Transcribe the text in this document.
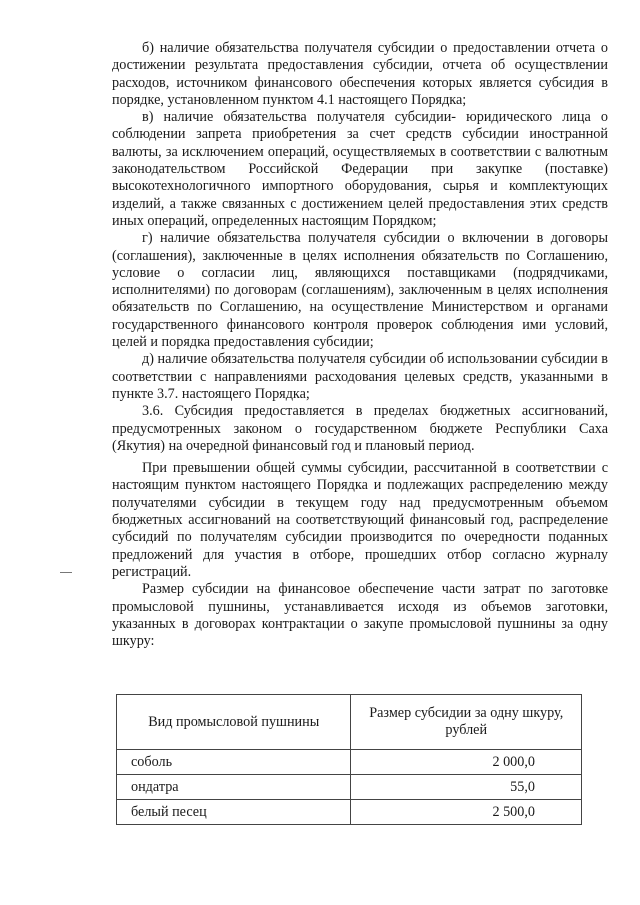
б) наличие обязательства получателя субсидии о предоставлении отчета о достижении результата предоставления субсидии, отчета об осуществлении расходов, источником финансового обеспечения которых является субсидия в порядке, установленном пунктом 4.1 настоящего Порядка;

в) наличие обязательства получателя субсидии- юридического лица о соблюдении запрета приобретения за счет средств субсидии иностранной валюты, за исключением операций, осуществляемых в соответствии с валютным законодательством Российской Федерации при закупке (поставке) высокотехнологичного импортного оборудования, сырья и комплектующих изделий, а также связанных с достижением целей предоставления этих средств иных операций, определенных настоящим Порядком;

г) наличие обязательства получателя субсидии о включении в договоры (соглашения), заключенные в целях исполнения обязательств по Соглашению, условие о согласии лиц, являющихся поставщиками (подрядчиками, исполнителями) по договорам (соглашениям), заключенным в целях исполнения обязательств по Соглашению, на осуществление Министерством и органами государственного финансового контроля проверок соблюдения ими условий, целей и порядка предоставления субсидии;

д) наличие обязательства получателя субсидии об использовании субсидии в соответствии с направлениями расходования целевых средств, указанными в пункте 3.7. настоящего Порядка;

3.6. Субсидия предоставляется в пределах бюджетных ассигнований, предусмотренных законом о государственном бюджете Республики Саха (Якутия) на очередной финансовый год и плановый период.

При превышении общей суммы субсидии, рассчитанной в соответствии с настоящим пунктом настоящего Порядка и подлежащих распределению между получателями субсидии в текущем году над предусмотренным объемом бюджетных ассигнований на соответствующий финансовый год, распределение субсидий по получателям субсидии производится по очередности поданных предложений для участия в отборе, прошедших отбор согласно журналу регистраций.

Размер субсидии на финансовое обеспечение части затрат по заготовке промысловой пушнины, устанавливается исходя из объемов заготовки, указанных в договорах контрактации о закупе промысловой пушнины за одну шкуру:

Вид промысловой пушнины	Размер субсидии за одну шкуру, рублей
соболь	2 000,0
ондатра	55,0
белый песец	2 500,0
